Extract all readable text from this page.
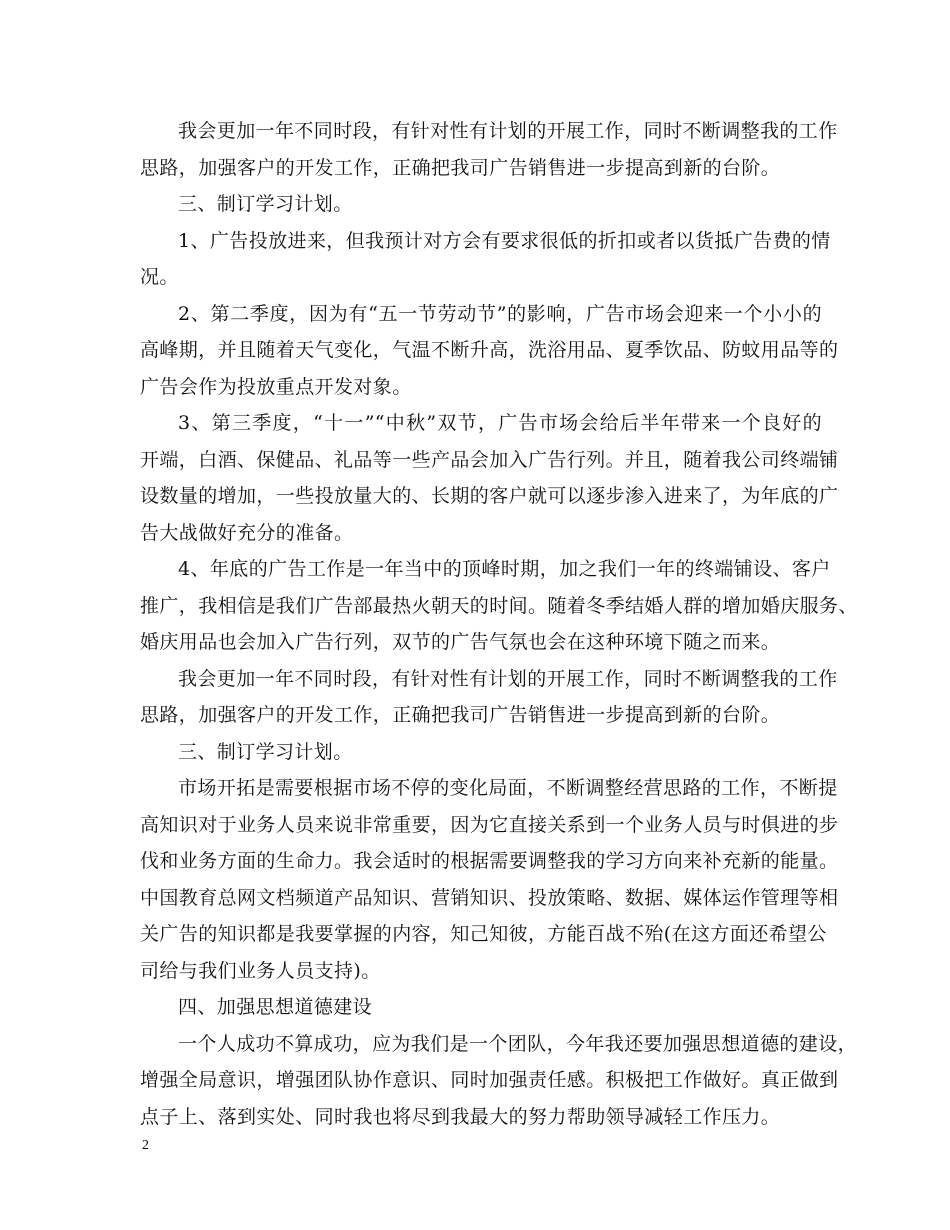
我会更加一年不同时段，有针对性有计划的开展工作，同时不断调整我的工作
思路，加强客户的开发工作，正确把我司广告销售进一步提高到新的台阶。
三、制订学习计划。
1、广告投放进来，但我预计对方会有要求很低的折扣或者以货抵广告费的情
况。
2、第二季度，因为有“五一节劳动节”的影响，广告市场会迎来一个小小的
高峰期，并且随着天气变化，气温不断升高，洗浴用品、夏季饮品、防蚊用品等的
广告会作为投放重点开发对象。
3、第三季度，“十一”“中秋”双节，广告市场会给后半年带来一个良好的
开端，白酒、保健品、礼品等一些产品会加入广告行列。并且，随着我公司终端铺
设数量的增加，一些投放量大的、长期的客户就可以逐步渗入进来了，为年底的广
告大战做好充分的准备。
4、年底的广告工作是一年当中的顶峰时期，加之我们一年的终端铺设、客户
推广，我相信是我们广告部最热火朝天的时间。随着冬季结婚人群的增加婚庆服务、
婚庆用品也会加入广告行列，双节的广告气氛也会在这种环境下随之而来。
我会更加一年不同时段，有针对性有计划的开展工作，同时不断调整我的工作
思路，加强客户的开发工作，正确把我司广告销售进一步提高到新的台阶。
三、制订学习计划。
市场开拓是需要根据市场不停的变化局面，不断调整经营思路的工作，不断提
高知识对于业务人员来说非常重要，因为它直接关系到一个业务人员与时俱进的步
伐和业务方面的生命力。我会适时的根据需要调整我的学习方向来补充新的能量。
中国教育总网文档频道产品知识、营销知识、投放策略、数据、媒体运作管理等相
关广告的知识都是我要掌握的内容，知己知彼，方能百战不殆(在这方面还希望公
司给与我们业务人员支持)。
四、加强思想道德建设
一个人成功不算成功，应为我们是一个团队，今年我还要加强思想道德的建设，
增强全局意识，增强团队协作意识、同时加强责任感。积极把工作做好。真正做到
点子上、落到实处、同时我也将尽到我最大的努力帮助领导减轻工作压力。
2
